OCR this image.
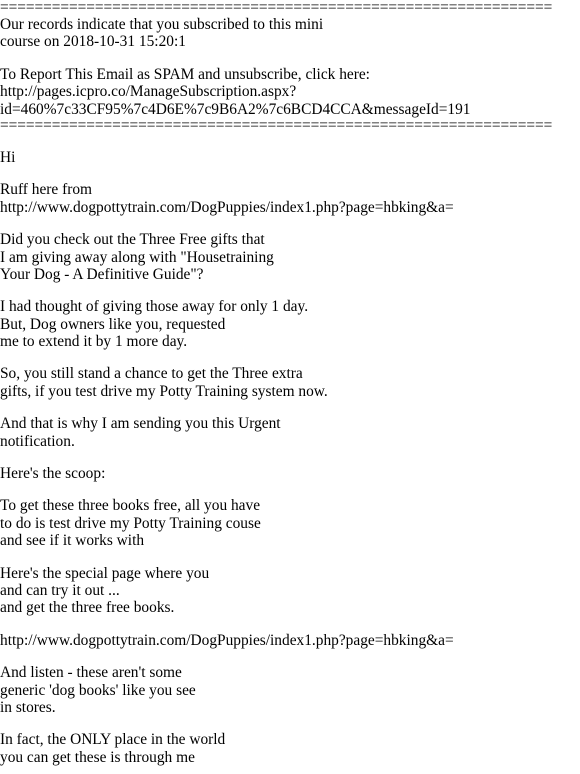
================================================================
Our records indicate that you subscribed to this mini
course on 2018-10-31 15:20:1
To Report This Email as SPAM and unsubscribe, click here:
http://pages.icpro.co/ManageSubscription.aspx?
id=460%7c33CF95%7c4D6E%7c9B6A2%7c6BCD4CCA&messageId=191
================================================================
Hi
Ruff here from
http://www.dogpottytrain.com/DogPuppies/index1.php?page=hbking&a=
Did you check out the Three Free gifts that
I am giving away along with "Housetraining
Your Dog - A Definitive Guide"?
I had thought of giving those away for only 1 day.
But, Dog owners like you, requested
me to extend it by 1 more day.
So, you still stand a chance to get the Three extra
gifts, if you test drive my Potty Training system now.
And that is why I am sending you this Urgent
notification.
Here's the scoop:
To get these three books free, all you have
to do is test drive my Potty Training couse
and see if it works with
Here's the special page where you
and can try it out ...
and get the three free books.
http://www.dogpottytrain.com/DogPuppies/index1.php?page=hbking&a=
And listen - these aren't some
generic 'dog books' like you see
in stores.
In fact, the ONLY place in the world
you can get these is through me
